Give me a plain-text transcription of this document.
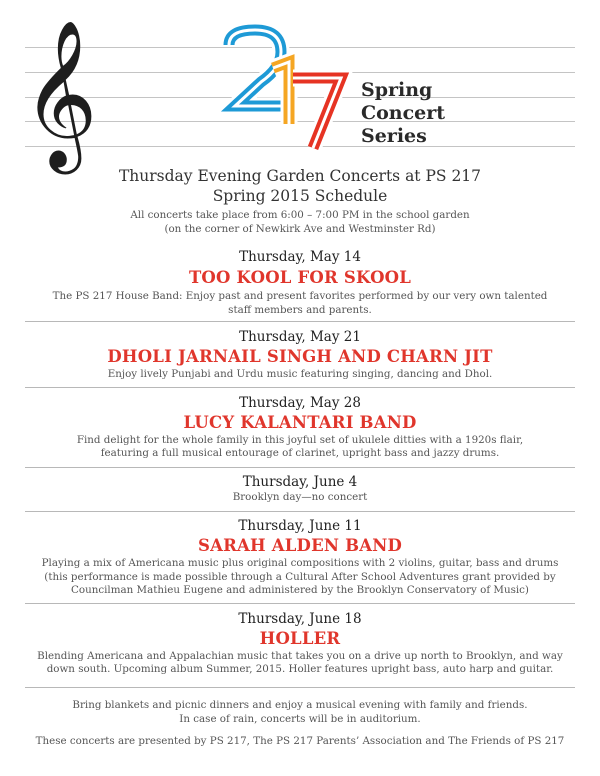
𝄞	Spring
Concert
Series
Thursday Evening Garden Concerts at PS 217
Spring 2015 Schedule
All concerts take place from 6:00 – 7:00 PM in the school garden
(on the corner of Newkirk Ave and Westminster Rd)
Thursday, May 14
TOO KOOL FOR SKOOL
The PS 217 House Band: Enjoy past and present favorites performed by our very own talented
staff members and parents.
Thursday, May 21
DHOLI JARNAIL SINGH AND CHARN JIT
Enjoy lively Punjabi and Urdu music featuring singing, dancing and Dhol.
Thursday, May 28
LUCY KALANTARI BAND
Find delight for the whole family in this joyful set of ukulele ditties with a 1920s flair,
featuring a full musical entourage of clarinet, upright bass and jazzy drums.
Thursday, June 4
Brooklyn day—no concert
Thursday, June 11
SARAH ALDEN BAND
Playing a mix of Americana music plus original compositions with 2 violins, guitar, bass and drums
(this performance is made possible through a Cultural After School Adventures grant provided by
Councilman Mathieu Eugene and administered by the Brooklyn Conservatory of Music)
Thursday, June 18
HOLLER
Blending Americana and Appalachian music that takes you on a drive up north to Brooklyn, and way
down south. Upcoming album Summer, 2015. Holler features upright bass, auto harp and guitar.
Bring blankets and picnic dinners and enjoy a musical evening with family and friends.
In case of rain, concerts will be in auditorium.
These concerts are presented by PS 217, The PS 217 Parents’ Association and The Friends of PS 217
